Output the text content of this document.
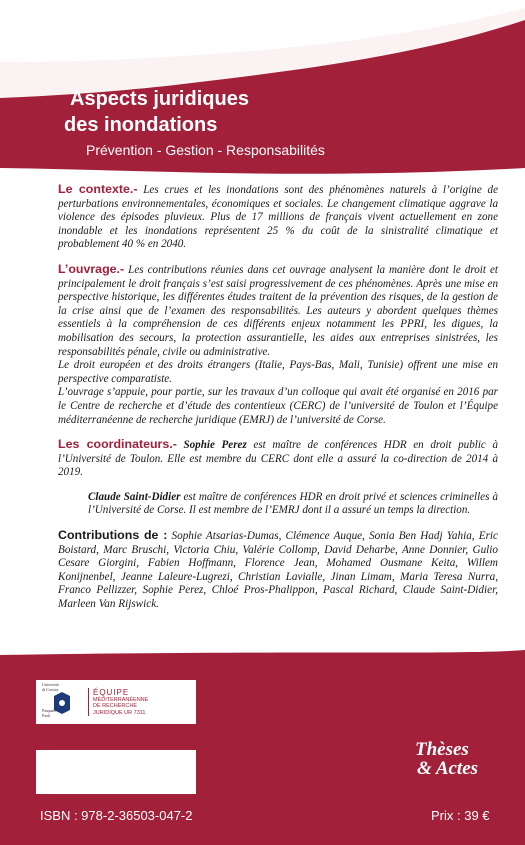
Aspects juridiques
des inondations
Prévention - Gestion - Responsabilités

Le contexte.- Les crues et les inondations sont des phénomènes naturels à l’origine de perturbations environnementales, économiques et sociales. Le changement climatique aggrave la violence des épisodes pluvieux. Plus de 17 millions de français vivent actuellement en zone inondable et les inondations représentent 25 % du coût de la sinistralité climatique et probablement 40 % en 2040.

L’ouvrage.- Les contributions réunies dans cet ouvrage analysent la manière dont le droit et principalement le droit français s’est saisi progressivement de ces phénomènes. Après une mise en perspective historique, les différentes études traitent de la prévention des risques, de la gestion de la crise ainsi que de l’examen des responsabilités. Les auteurs y abordent quelques thèmes essentiels à la compréhension de ces différents enjeux notamment les PPRI, les digues, la mobilisation des secours, la protection assurantielle, les aides aux entreprises sinistrées, les responsabilités pénale, civile ou administrative.

Le droit européen et des droits étrangers (Italie, Pays-Bas, Mali, Tunisie) offrent une mise en perspective comparatiste.

L’ouvrage s’appuie, pour partie, sur les travaux d’un colloque qui avait été organisé en 2016 par le Centre de recherche et d’étude des contentieux (CERC) de l’université de Toulon et l’Équipe méditerranéenne de recherche juridique (EMRJ) de l’université de Corse.

Les coordinateurs.- Sophie Perez est maître de conférences HDR en droit public à l’Université de Toulon. Elle est membre du CERC dont elle a assuré la co-direction de 2014 à 2019.

Claude Saint-Didier est maître de conférences HDR en droit privé et sciences criminelles à l’Université de Corse. Il est membre de l’EMRJ dont il a assuré un temps la direction.

Contributions de : Sophie Atsarias-Dumas, Clémence Auque, Sonia Ben Hadj Yahia, Eric Boistard, Marc Bruschi, Victoria Chiu, Valérie Collomp, David Deharbe, Anne Donnier, Gulio Cesare Giorgini, Fabien Hoffmann, Florence Jean, Mohamed Ousmane Keita, Willem Konijnenbel, Jeanne Laleure-Lugrezi, Christian Lavialle, Jinan Limam, Maria Teresa Nurra, Franco Pellizzer, Sophie Perez, Chloé Pros-Phalippon, Pascal Richard, Claude Saint-Didier, Marleen Van Rijswick.

Università
di Corsica
Pasquale
Paoli
ÉQUIPE
MÉDITERRANÉENNE
DE RECHERCHE
JURIDIQUE UR 7311
Thèses
& Actes
ISBN : 978-2-36503-047-2	Prix : 39 €
